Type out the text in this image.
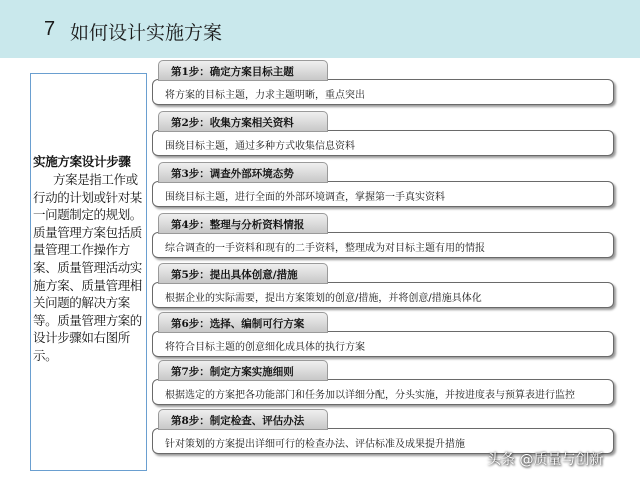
7 如何设计实施方案
实施方案设计步骤
方案是指工作或行动的计划或针对某一问题制定的规划。质量管理方案包括质量管理工作操作方案、质量管理活动实施方案、质量管理相关问题的解决方案等。质量管理方案的设计步骤如右图所示。
第1步：确定方案目标主题
将方案的目标主题，力求主题明晰，重点突出
第2步：收集方案相关资料
围绕目标主题，通过多种方式收集信息资料
第3步：调查外部环境态势
围绕目标主题，进行全面的外部环境调查，掌握第一手真实资料
第4步：整理与分析资料情报
综合调查的一手资料和现有的二手资料，整理成为对目标主题有用的情报
第5步：提出具体创意/措施
根据企业的实际需要，提出方案策划的创意/措施，并将创意/措施具体化
第6步：选择、编制可行方案
将符合目标主题的创意细化成具体的执行方案
第7步：制定方案实施细则
根据选定的方案把各功能部门和任务加以详细分配，分头实施，并按进度表与预算表进行监控
第8步：制定检查、评估办法
针对策划的方案提出详细可行的检查办法、评估标准及成果提升措施
头条 @质量与创新
